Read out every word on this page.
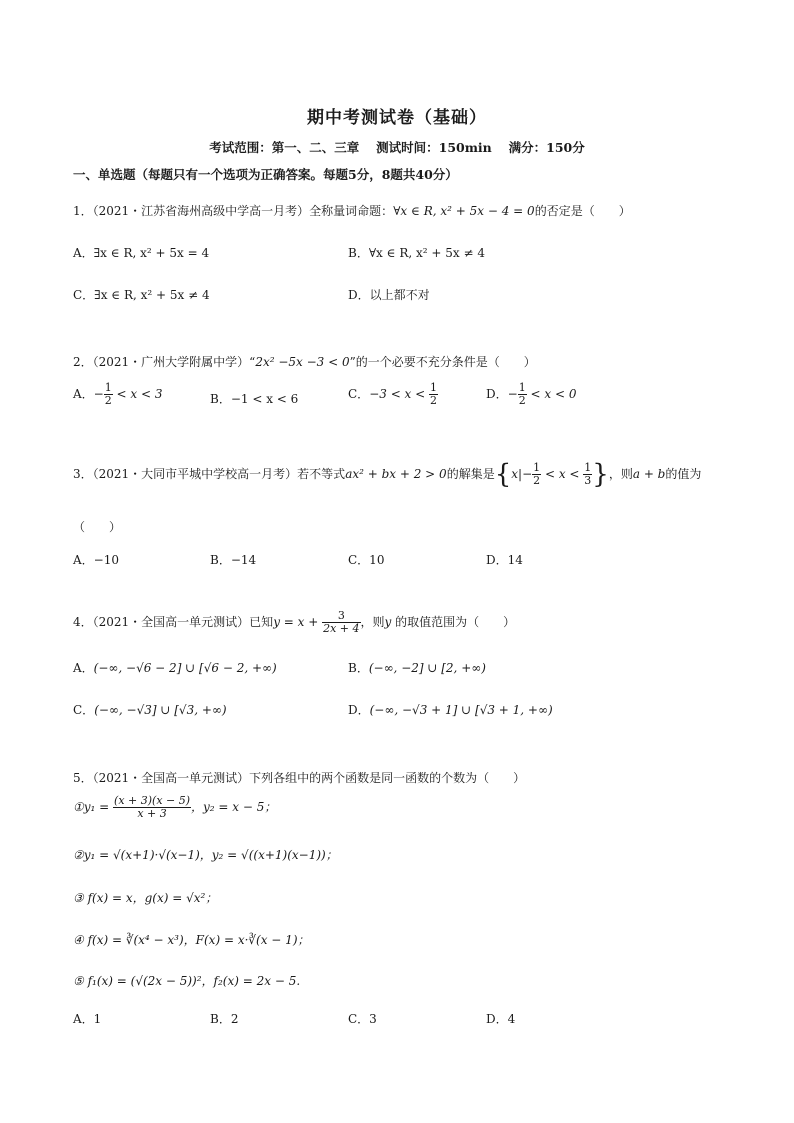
期中考测试卷（基础）
考试范围：第一、二、三章　 测试时间：150min　 满分：150分
一、单选题（每题只有一个选项为正确答案。每题5分，8题共40分）
1．（2021・江苏省海州高级中学高一月考）全称量词命题：∀x ∈ R, x² + 5x − 4 = 0的否定是（　　）
A．∃x ∈ R, x² + 5x = 4	B．∀x ∈ R, x² + 5x ≠ 4
C．∃x ∈ R, x² + 5x ≠ 4	D．以上都不对
2．（2021・广州大学附属中学）“2x² −5x −3 < 0”的一个必要不充分条件是（　　）
A．− $\frac{1}{2} < x < 3$	B．−1 < x < 6	C．$-3 < x < \frac{1}{2}$	D．− $\frac{1}{2} < x < 0$
3．（2021・大同市平城中学校高一月考）若不等式ax² + bx + 2 > 0的解集是{$x|- \frac{1}{2} < x < \frac{1}{3}$ }，则a + b的值为
（　　）
A．−10	B．−14	C．10	D．14
4．（2021・全国高一单元测试）已知$y = x + \frac{3}{2x + 4}$ ，则y 的取值范围为（　　）
A．(−∞, −√6 − 2] ∪ [√6 − 2, +∞)	B．(−∞, −2] ∪ [2, +∞)
C．(−∞, −√3] ∪ [√3, +∞)	D．(−∞, −√3 + 1] ∪ [√3 + 1, +∞)
5．（2021・全国高一单元测试）下列各组中的两个函数是同一函数的个数为（　　）
①y₁ = $\frac{(x + 3)(x - 5)}{x + 3}$ ，y₂ = x − 5；
②y₁ = √(x+1)·√(x−1)，y₂ = √((x+1)(x−1))；
③ f(x) = x，g(x) = √x²；
④ f(x) = ∛(x⁴ − x³)，F(x) = x·∛(x − 1)；
⑤ f₁(x) = (√(2x − 5))²，f₂(x) = 2x − 5.
A．1	B．2	C．3	D．4
